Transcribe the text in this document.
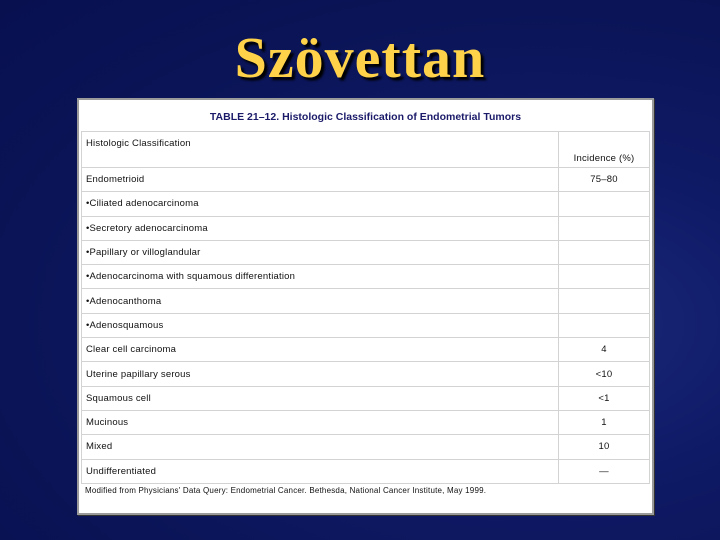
Szövettan
TABLE 21–12. Histologic Classification of Endometrial Tumors
Histologic Classification	Incidence (%)
Endometrioid	75–80
•Ciliated adenocarcinoma	
•Secretory adenocarcinoma	
•Papillary or villoglandular	
•Adenocarcinoma with squamous differentiation	
•Adenocanthoma	
•Adenosquamous	
Clear cell carcinoma	4
Uterine papillary serous	<10
Squamous cell	<1
Mucinous	1
Mixed	10
Undifferentiated	—
Modified from Physicians' Data Query: Endometrial Cancer. Bethesda, National Cancer Institute, May 1999.
